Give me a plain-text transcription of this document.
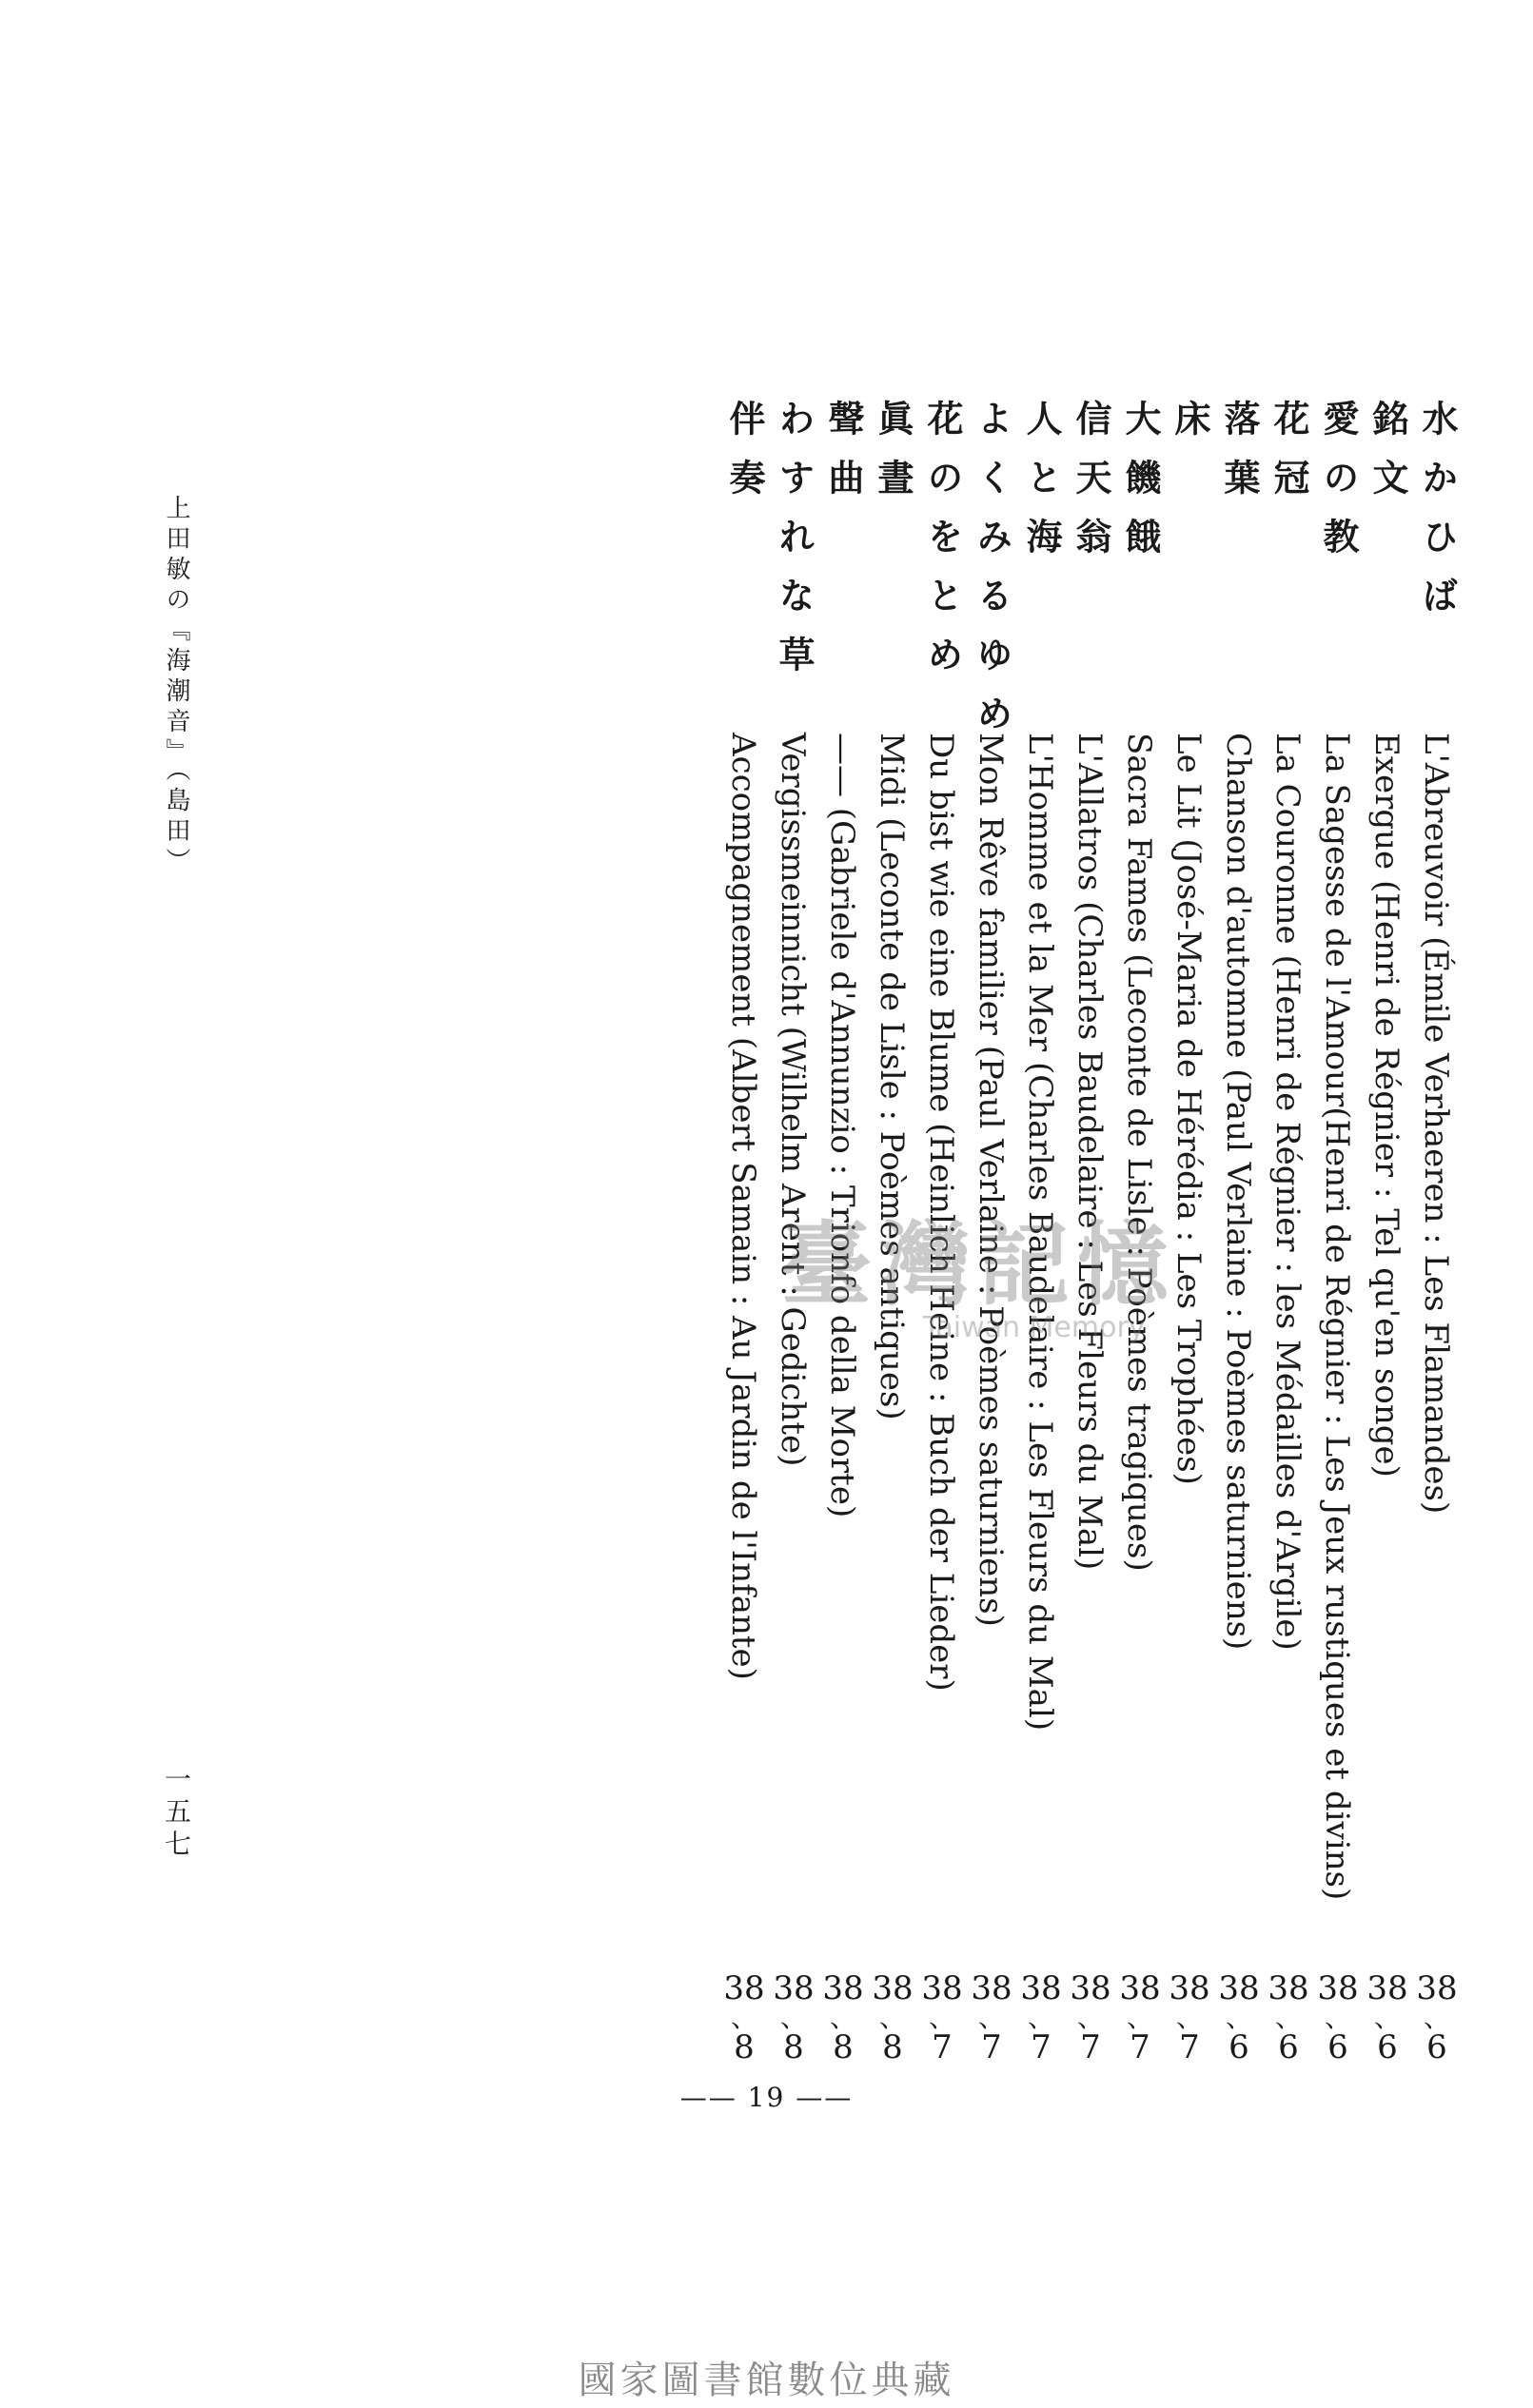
水かひば
L'Abreuvoir (Émile Verhaeren : Les Flamandes)
38
、
6
銘文
Exergue (Henri de Régnier : Tel qu'en songe)
38
、
6
愛の教
La Sagesse de l'Amour(Henri de Régnier : Les Jeux rustiques et divins)
38
、
6
花冠
La Couronne (Henri de Régnier : les Médailles d'Argile)
38
、
6
落葉
Chanson d'automne (Paul Verlaine : Poèmes saturniens)
38
、
6
床
Le Lit (José-Maria de Hérédia : Les Trophées)
38
、
7
大饑餓
Sacra Fames (Leconte de Lisle : Poèmes tragiques)
38
、
7
信天翁
L'Allatros (Charles Baudelaire : Les Fleurs du Mal)
38
、
7
人と海
L'Homme et la Mer (Charles Baudelaire : Les Fleurs du Mal)
38
、
7
よくみるゆめ
Mon Rêve familier (Paul Verlaine : Poèmes saturniens)
38
、
7
花のをとめ
Du bist wie eine Blume (Heinlich Heine : Buch der Lieder)
38
、
7
眞晝
Midi (Leconte de Lisle : Poèmes antiques)
38
、
8
聲曲
—— (Gabriele d'Annunzio : Trionfo della Morte)
38
、
8
わすれな草
Vergissmeinnicht (Wilhelm Arent : Gedichte)
38
、
8
伴奏
Accompagnement (Albert Samain : Au Jardin de l'Infante)
38
、
8
上田敏の『海潮音』（島田）
一五七
—— 19 ——
臺灣記憶
Taiwan Memory
國家圖書館數位典藏
